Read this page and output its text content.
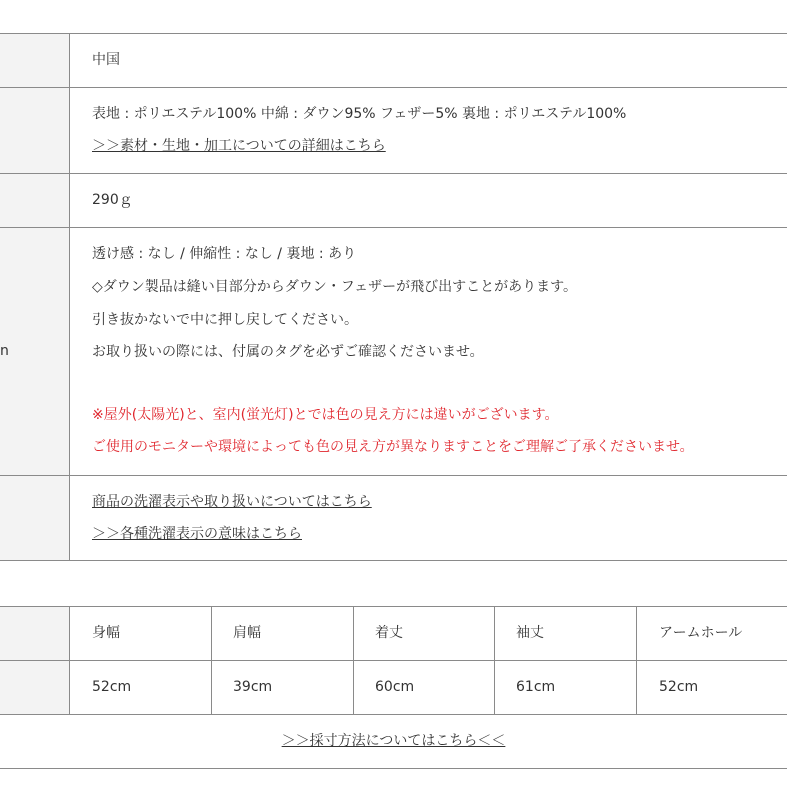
中国
表地 : ポリエステル100% 中綿 : ダウン95% フェザー5% 裏地 : ポリエステル100%
＞＞素材・生地・加工についての詳細はこちら
290ｇ
n
透け感 : なし / 伸縮性 : なし / 裏地 : あり
◇ダウン製品は縫い目部分からダウン・フェザーが飛び出すことがあります。
引き抜かないで中に押し戻してください。
お取り扱いの際には、付属のタグを必ずご確認くださいませ。
※屋外(太陽光)と、室内(蛍光灯)とでは色の見え方には違いがございます。
ご使用のモニターや環境によっても色の見え方が異なりますことをご理解ご了承くださいませ。
商品の洗濯表示や取り扱いについてはこちら
＞＞各種洗濯表示の意味はこちら
身幅	肩幅	着丈	袖丈	アームホール
52cm	39cm	60cm	61cm	52cm
＞＞採寸方法についてはこちら＜＜
